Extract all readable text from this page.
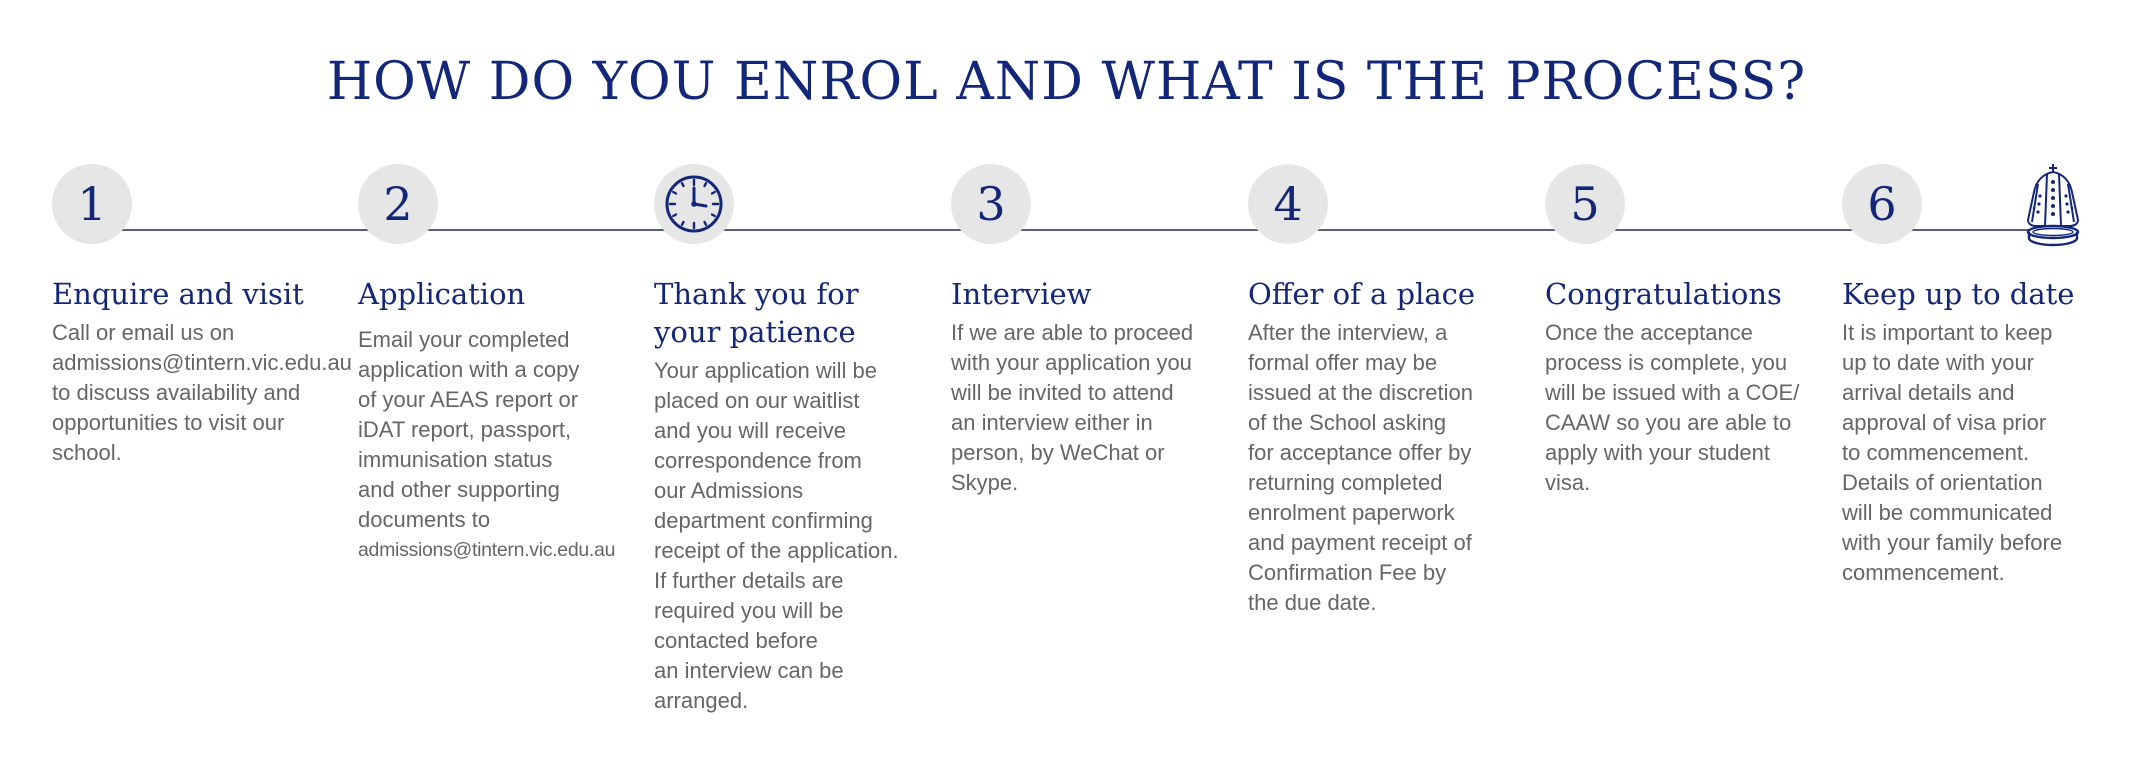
HOW DO YOU ENROL AND WHAT IS THE PROCESS?
1
Enquire and visit
Call or email us on
admissions@tintern.vic.edu.au
to discuss availability and
opportunities to visit our
school.
2
Application
Email your completed
application with a copy
of your AEAS report or
iDAT report, passport,
immunisation status
and other supporting
documents to
admissions@tintern.vic.edu.au
Thank you for
your patience
Your application will be
placed on our waitlist
and you will receive
correspondence from
our Admissions
department confirming
receipt of the application.
If further details are
required you will be
contacted before
an interview can be
arranged.
3
Interview
If we are able to proceed
with your application you
will be invited to attend
an interview either in
person, by WeChat or
Skype.
4
Offer of a place
After the interview, a
formal offer may be
issued at the discretion
of the School asking
for acceptance offer by
returning completed
enrolment paperwork
and payment receipt of
Confirmation Fee by
the due date.
5
Congratulations
Once the acceptance
process is complete, you
will be issued with a COE/
CAAW so you are able to
apply with your student
visa.
6
Keep up to date
It is important to keep
up to date with your
arrival details and
approval of visa prior
to commencement.
Details of orientation
will be communicated
with your family before
commencement.
